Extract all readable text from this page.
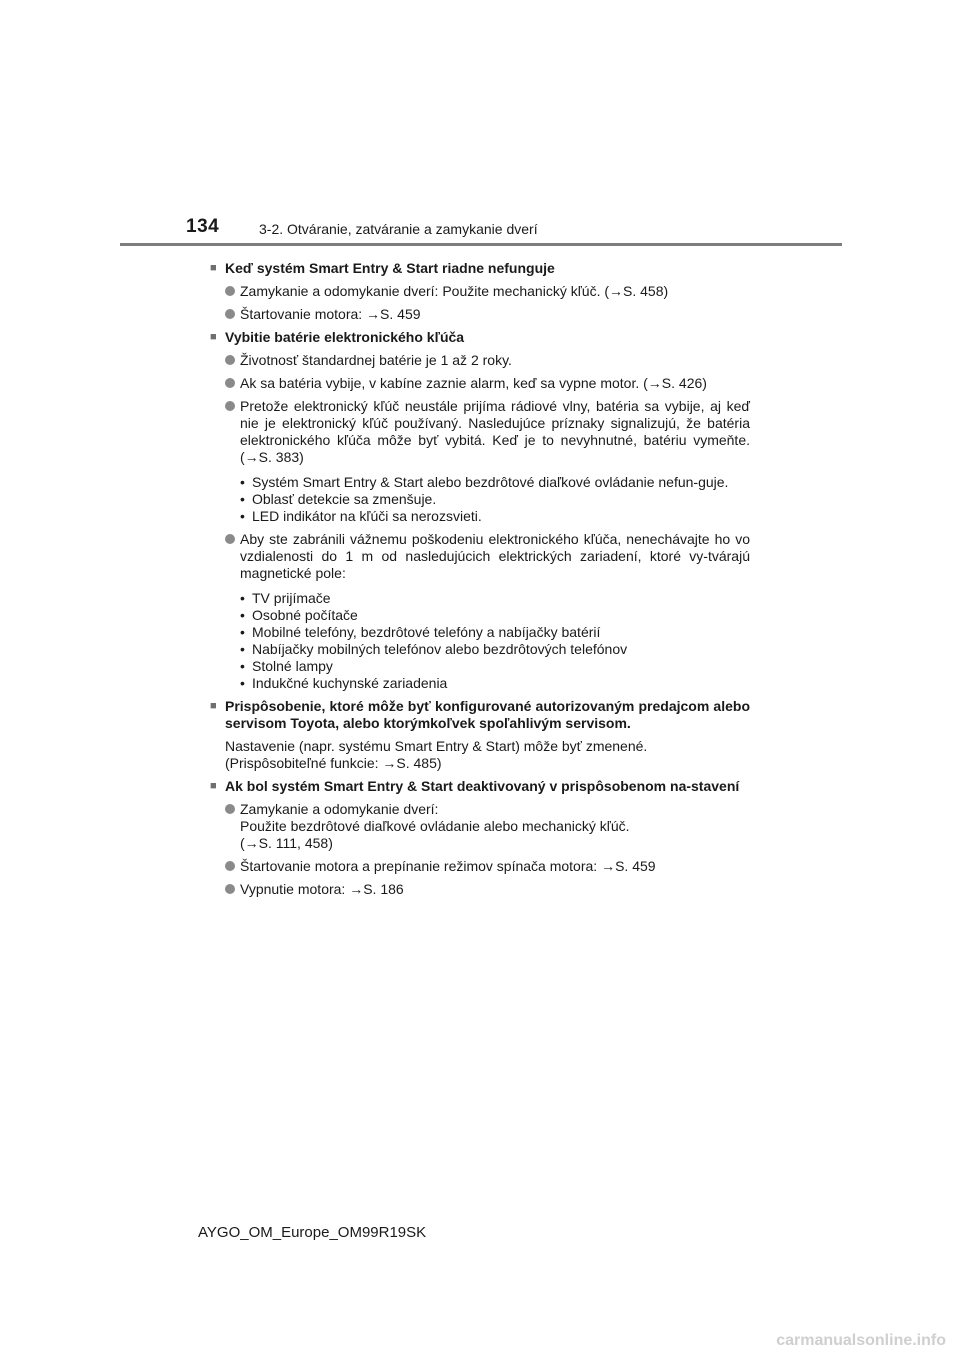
134	3-2. Otváranie, zatváranie a zamykanie dverí
■ Keď systém Smart Entry & Start riadne nefunguje
Zamykanie a odomykanie dverí: Použite mechanický kľúč. (→S. 458)
Štartovanie motora: →S. 459
■ Vybitie batérie elektronického kľúča
Životnosť štandardnej batérie je 1 až 2 roky.
Ak sa batéria vybije, v kabíne zaznie alarm, keď sa vypne motor. (→S. 426)
Pretože elektronický kľúč neustále prijíma rádiové vlny, batéria sa vybije, aj keď nie je elektronický kľúč používaný. Nasledujúce príznaky signalizujú, že batéria elektronického kľúča môže byť vybitá. Keď je to nevyhnutné, batériu vymeňte. (→S. 383)
• Systém Smart Entry & Start alebo bezdrôtové diaľkové ovládanie nefun-guje.
• Oblasť detekcie sa zmenšuje.
• LED indikátor na kľúči sa nerozsvieti.
Aby ste zabránili vážnemu poškodeniu elektronického kľúča, nenechávajte ho vo vzdialenosti do 1 m od nasledujúcich elektrických zariadení, ktoré vy-tvárajú magnetické pole:
• TV prijímače
• Osobné počítače
• Mobilné telefóny, bezdrôtové telefóny a nabíjačky batérií
• Nabíjačky mobilných telefónov alebo bezdrôtových telefónov
• Stolné lampy
• Indukčné kuchynské zariadenia
■ Prispôsobenie, ktoré môže byť konfigurované autorizovaným predajcom alebo servisom Toyota, alebo ktorýmkoľvek spoľahlivým servisom.
Nastavenie (napr. systému Smart Entry & Start) môže byť zmenené.
(Prispôsobiteľné funkcie: →S. 485)
■ Ak bol systém Smart Entry & Start deaktivovaný v prispôsobenom na-stavení
Zamykanie a odomykanie dverí:
Použite bezdrôtové diaľkové ovládanie alebo mechanický kľúč.
(→S. 111, 458)
Štartovanie motora a prepínanie režimov spínača motora: →S. 459
Vypnutie motora: →S. 186
AYGO_OM_Europe_OM99R19SK
carmanualsonline.info
